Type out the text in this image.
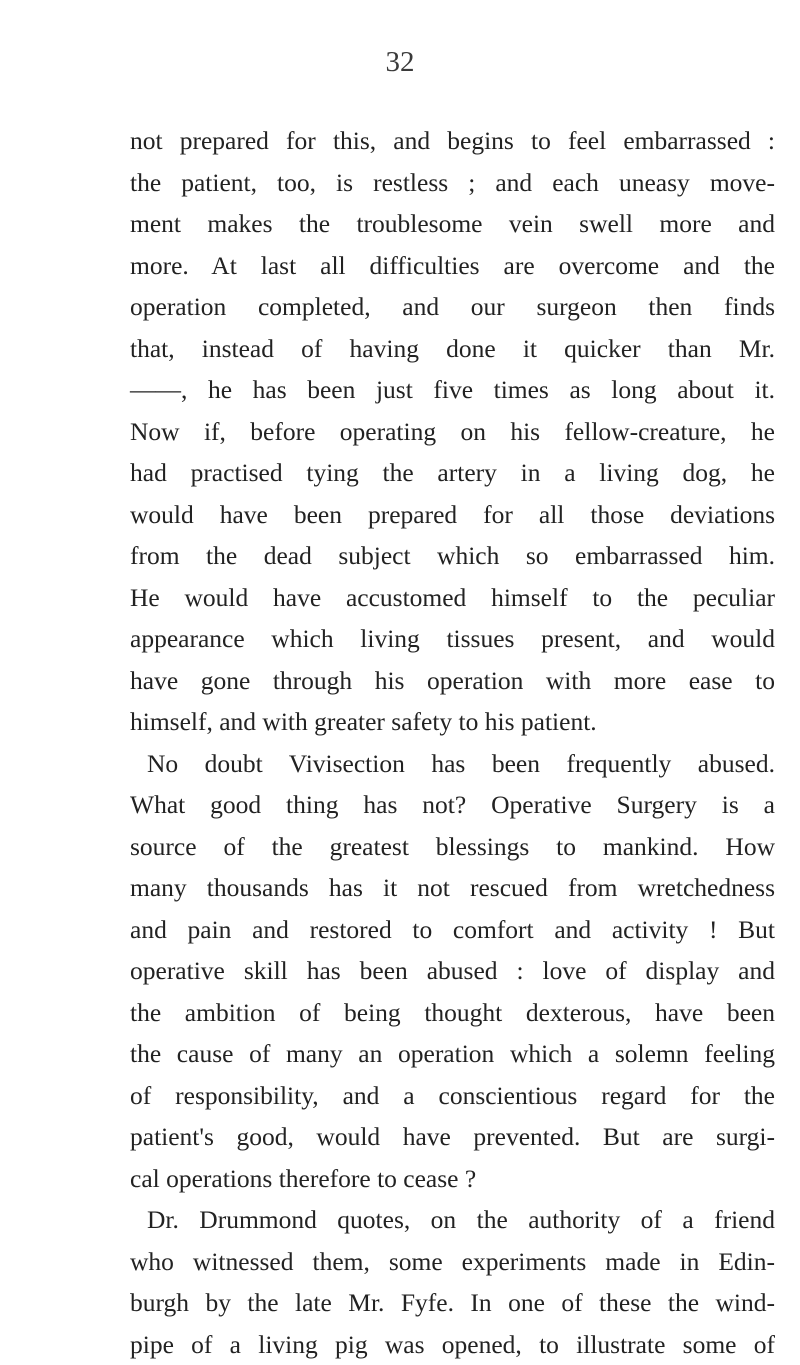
32
not prepared for this, and begins to feel embarrassed :
the patient, too, is restless ; and each uneasy move-
ment makes the troublesome vein swell more and
more. At last all difficulties are overcome and the
operation completed, and our surgeon then finds
that, instead of having done it quicker than Mr.
——, he has been just five times as long about it.
Now if, before operating on his fellow-creature, he
had practised tying the artery in a living dog, he
would have been prepared for all those deviations
from the dead subject which so embarrassed him.
He would have accustomed himself to the peculiar
appearance which living tissues present, and would
have gone through his operation with more ease to
himself, and with greater safety to his patient.
No doubt Vivisection has been frequently abused.
What good thing has not? Operative Surgery is a
source of the greatest blessings to mankind. How
many thousands has it not rescued from wretchedness
and pain and restored to comfort and activity ! But
operative skill has been abused : love of display and
the ambition of being thought dexterous, have been
the cause of many an operation which a solemn feeling
of responsibility, and a conscientious regard for the
patient's good, would have prevented. But are surgi-
cal operations therefore to cease ?
Dr. Drummond quotes, on the authority of a friend
who witnessed them, some experiments made in Edin-
burgh by the late Mr. Fyfe. In one of these the wind-
pipe of a living pig was opened, to illustrate some of
